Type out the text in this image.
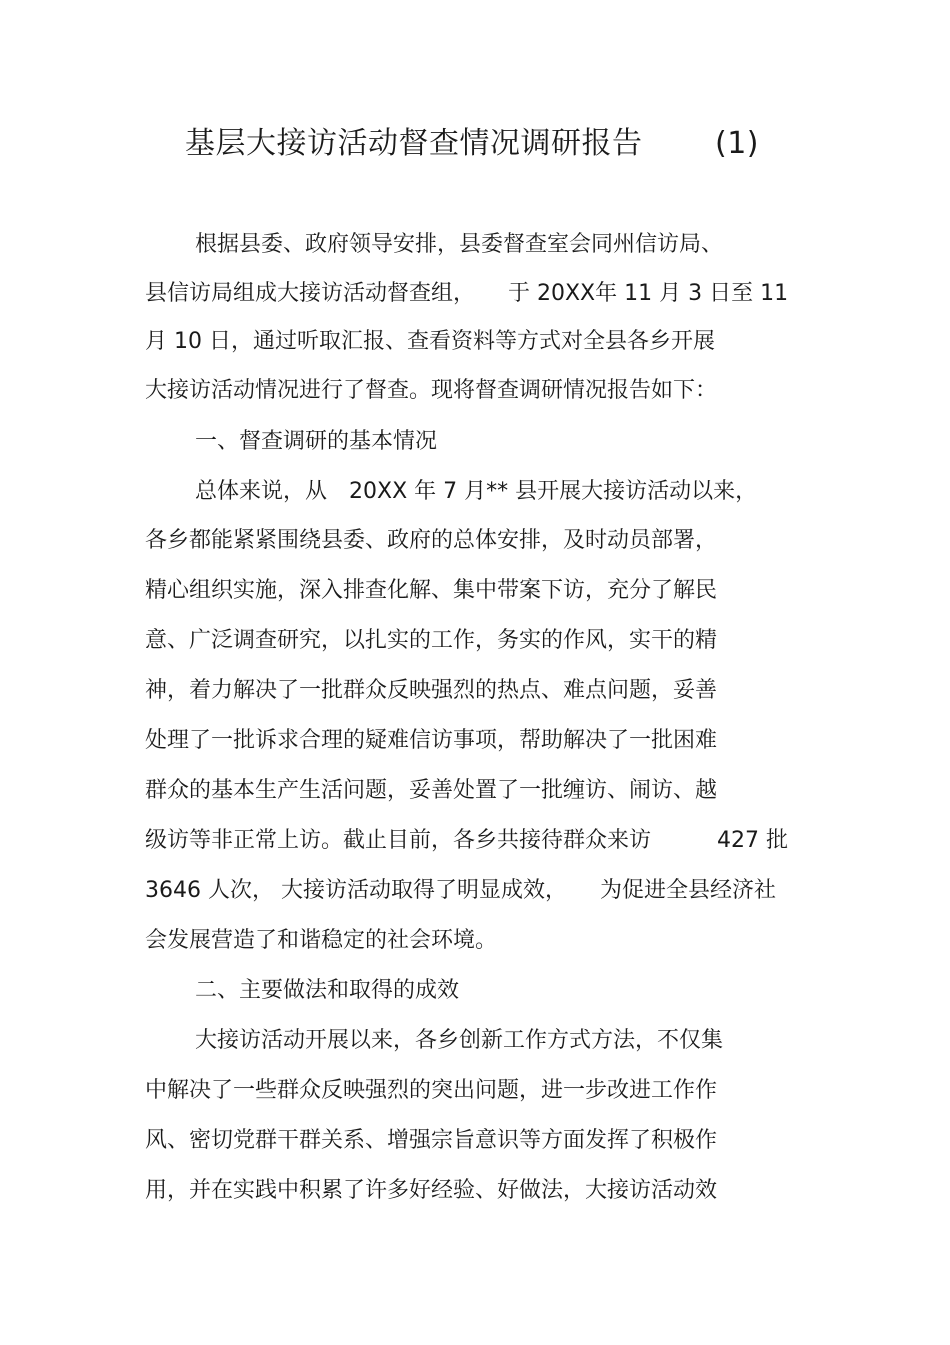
基层大接访活动督查情况调研报告 (1)
根据县委、政府领导安排，县委督查室会同州信访局、
县信访局组成大接访活动督查组，　　于 20XX年 11 月 3 日至 11
月 10 日，通过听取汇报、查看资料等方式对全县各乡开展
大接访活动情况进行了督查。现将督查调研情况报告如下：
一、督查调研的基本情况
总体来说，从　20XX 年 7 月** 县开展大接访活动以来，
各乡都能紧紧围绕县委、政府的总体安排，及时动员部署，
精心组织实施，深入排查化解、集中带案下访，充分了解民
意、广泛调查研究，以扎实的工作，务实的作风，实干的精
神，着力解决了一批群众反映强烈的热点、难点问题，妥善
处理了一批诉求合理的疑难信访事项，帮助解决了一批困难
群众的基本生产生活问题，妥善处置了一批缠访、闹访、越
级访等非正常上访。截止目前，各乡共接待群众来访　　　427 批
3646 人次， 大接访活动取得了明显成效，　　为促进全县经济社
会发展营造了和谐稳定的社会环境。
二、主要做法和取得的成效
大接访活动开展以来，各乡创新工作方式方法，不仅集
中解决了一些群众反映强烈的突出问题，进一步改进工作作
风、密切党群干群关系、增强宗旨意识等方面发挥了积极作
用，并在实践中积累了许多好经验、好做法，大接访活动效
